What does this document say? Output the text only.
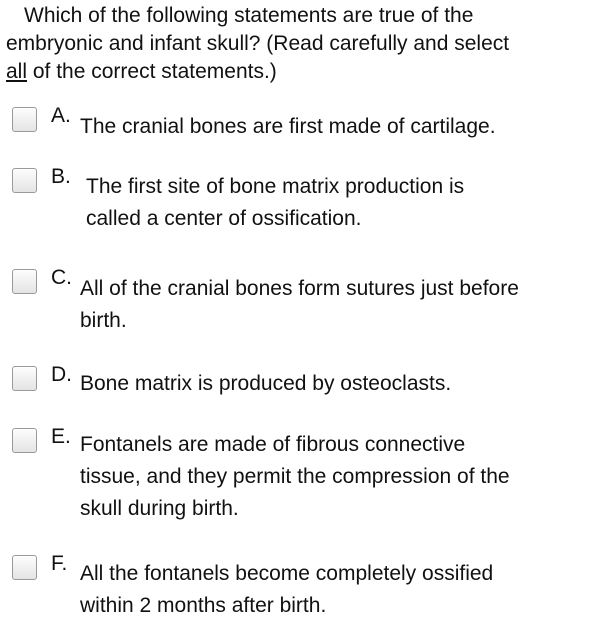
Which of the following statements are true of the
embryonic and infant skull? (Read carefully and select
all of the correct statements.)
A. The cranial bones are first made of cartilage.
B. The first site of bone matrix production is
called a center of ossification.
C. All of the cranial bones form sutures just before
birth.
D. Bone matrix is produced by osteoclasts.
E. Fontanels are made of fibrous connective
tissue, and they permit the compression of the
skull during birth.
F. All the fontanels become completely ossified
within 2 months after birth.
